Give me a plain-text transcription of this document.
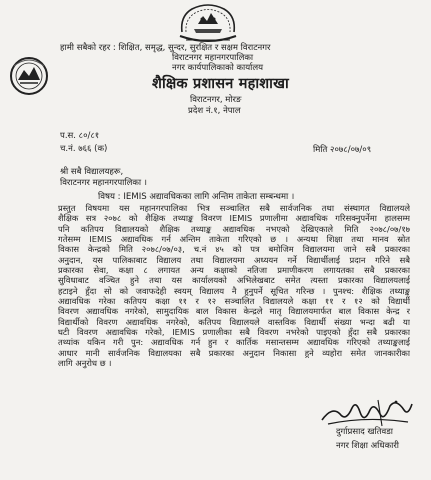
हामी सबैको रहर : शिक्षित, समृद्ध, सुन्दर, सुरक्षित र सक्षम विराटनगर
विराटनगर महानगरपालिका
नगर कार्यपालिकाको कार्यालय
शैक्षिक प्रशासन महाशाखा
विराटनगर, मोरङ
प्रदेश नं.१, नेपाल
प.स. ८०/८१
च.नं. ७६६ (क)	मिति २०७८/०७/०९
श्री सबै विद्यालयहरू,
विराटनगर महानगरपालिका ।
विषय : IEMIS अद्यावधिकका लागि अन्तिम ताकेता सम्बन्धमा ।
प्रस्तुत विषयमा यस महानगरपालिका भित्र सञ्चालित सबै सार्वजनिक तथा संस्थागत विद्यालयले
शैक्षिक सत्र २०७८ को शैक्षिक तथ्याङ्क विवरण IEMIS प्रणालीमा अद्यावधिक गरिसक्नुपर्नेमा हालसम्म
पनि कतिपय विद्यालयको शैक्षिक तथ्याङ्क अद्यावधिक नभएको देखिएकाले मिति २०७८/०७/१७
गतेसम्म IEMIS अद्यावधिक गर्न अन्तिम ताकेता गरिएको छ । अन्यथा शिक्षा तथा मानव स्रोत
विकास केन्द्रको मिति २०७८/०७/०३, च.नं ४५ को पत्र बमोजिम विद्यालयमा जाने सबै प्रकारका
अनुदान, यस पालिकाबाट विद्यालय तथा विद्यालयमा अध्ययन गर्ने विद्यार्थीलाई प्रदान गरिने सबै
प्रकारका सेवा, कक्षा ८ लगायत अन्य कक्षाको नतिजा प्रमाणीकरण लगायतका सबै प्रकारका
सुविधाबाट वञ्चित हुने तथा यस कार्यालयको अभिलेखबाट समेत त्यस्ता प्रकारका विद्यालयलाई
हटाइने हुँदा सो को जवाफदेही स्वयम् विद्यालय नै हुनुपर्ने सूचित गरिन्छ । पुनश्च: शैक्षिक तथ्याङ्क
अद्यावधिक गरेका कतिपय कक्षा ११ र १२ सञ्चालित विद्यालयले कक्षा ११ र १२ को विद्यार्थी
विवरण अद्यावधिक नगरेको, सामुदायिक बाल विकास केन्द्रले मातृ विद्यालयमार्फत बाल विकास केन्द्र र
विद्यार्थीको विवरण अद्यावधिक नगरेको, कतिपय विद्यालयले वास्तविक विद्यार्थी संख्या भन्दा बढी या
घटी विवरण अद्यावधिक गरेको, IEMIS प्रणालीका सबै विवरण नभरेको पाइएको हुँदा सबै प्रकारका
तथ्यांक यकिन गरी पुन: अद्यावधिक गर्न हुन र कार्तिक मसान्तसम्म अद्यावधिक गरिएको तथ्याङ्कलाई
आधार मानी सार्वजनिक विद्यालयका सबै प्रकारका अनुदान निकासा हुने व्यहोरा समेत जानकारीका
लागि अनुरोध छ ।
दुर्गाप्रसाद खतिवडा
नगर शिक्षा अधिकारी
